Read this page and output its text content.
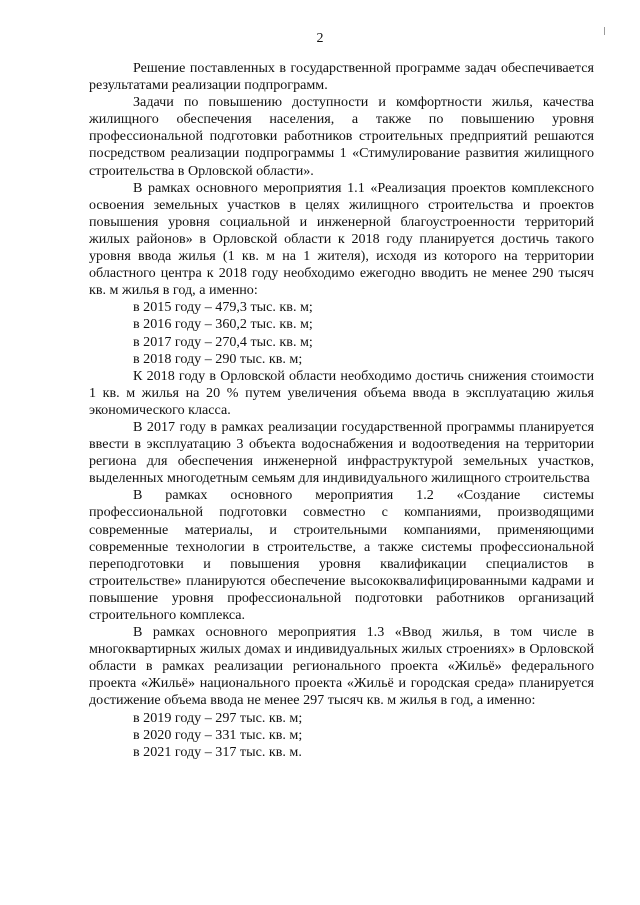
2

Решение поставленных в государственной программе задач обеспечивается результатами реализации подпрограмм.

Задачи по повышению доступности и комфортности жилья, качества жилищного обеспечения населения, а также по повышению уровня профессиональной подготовки работников строительных предприятий решаются посредством реализации подпрограммы 1 «Стимулирование развития жилищного строительства в Орловской области».

В рамках основного мероприятия 1.1 «Реализация проектов комплексного освоения земельных участков в целях жилищного строительства и проектов повышения уровня социальной и инженерной благоустроенности территорий жилых районов» в Орловской области к 2018 году планируется достичь такого уровня ввода жилья (1 кв. м на 1 жителя), исходя из которого на территории областного центра к 2018 году необходимо ежегодно вводить не менее 290 тысяч кв. м жилья в год, а именно:

в 2015 году – 479,3 тыс. кв. м;

в 2016 году – 360,2 тыс. кв. м;

в 2017 году – 270,4 тыс. кв. м;

в 2018 году – 290 тыс. кв. м;

К 2018 году в Орловской области необходимо достичь снижения стоимости 1 кв. м жилья на 20 % путем увеличения объема ввода в эксплуатацию жилья экономического класса.

В 2017 году в рамках реализации государственной программы планируется ввести в эксплуатацию 3 объекта водоснабжения и водоотведения на территории региона для обеспечения инженерной инфраструктурой земельных участков, выделенных многодетным семьям для индивидуального жилищного строительства

В рамках основного мероприятия 1.2 «Создание системы профессиональной подготовки совместно с компаниями, производящими современные материалы, и строительными компаниями, применяющими современные технологии в строительстве, а также системы профессиональной переподготовки и повышения уровня квалификации специалистов в строительстве» планируются обеспечение высококвалифицированными кадрами и повышение уровня профессиональной подготовки работников организаций строительного комплекса.

В рамках основного мероприятия 1.3 «Ввод жилья, в том числе в многоквартирных жилых домах и индивидуальных жилых строениях» в Орловской области в рамках реализации регионального проекта «Жильё» федерального проекта «Жильё» национального проекта «Жильё и городская среда» планируется достижение объема ввода не менее 297 тысяч кв. м жилья в год, а именно:

в 2019 году – 297 тыс. кв. м;

в 2020 году – 331 тыс. кв. м;

в 2021 году – 317 тыс. кв. м.
